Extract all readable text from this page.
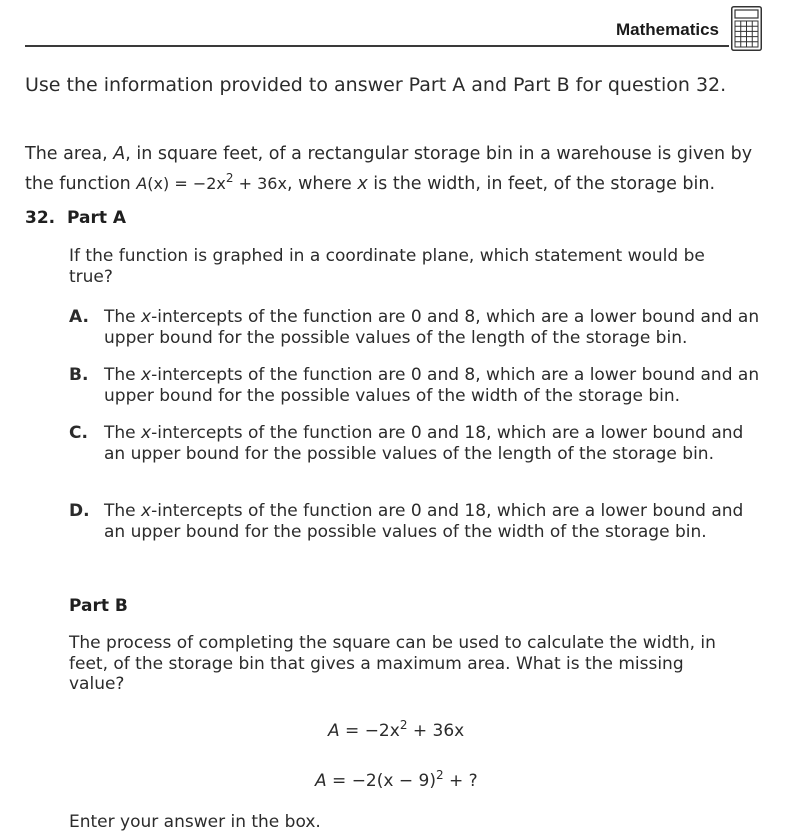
Mathematics
Use the information provided to answer Part A and Part B for question 32.
The area, A, in square feet, of a rectangular storage bin in a warehouse is given by
the function $A(x) = -2x^2 + 36x$, where x is the width, in feet, of the storage bin.
32. Part A
If the function is graphed in a coordinate plane, which statement would be true?
A. The x-intercepts of the function are 0 and 8, which are a lower bound and an upper bound for the possible values of the length of the storage bin.
B. The x-intercepts of the function are 0 and 8, which are a lower bound and an upper bound for the possible values of the width of the storage bin.
C. The x-intercepts of the function are 0 and 18, which are a lower bound and an upper bound for the possible values of the length of the storage bin.
D. The x-intercepts of the function are 0 and 18, which are a lower bound and an upper bound for the possible values of the width of the storage bin.
Part B
The process of completing the square can be used to calculate the width, in feet, of the storage bin that gives a maximum area. What is the missing value?
$A = -2x^2 + 36x$
$A = -2(x - 9)^2$ + ?
Enter your answer in the box.
